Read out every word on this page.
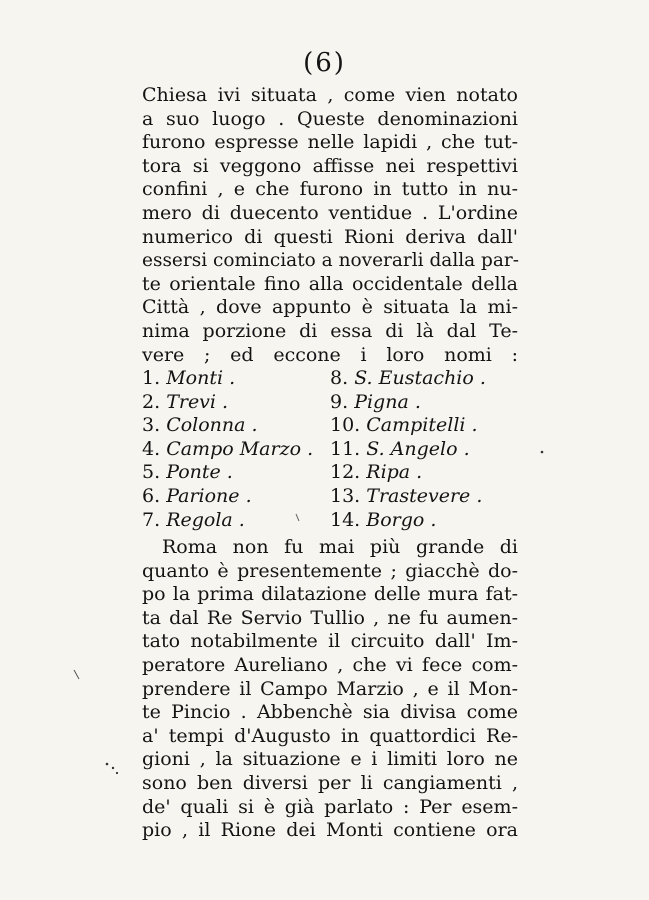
(6)
Chiesa ivi situata , come vien notato
a suo luogo . Queste denominazioni
furono espresse nelle lapidi , che tut-
tora si veggono affisse nei respettivi
confini , e che furono in tutto in nu-
mero di duecento ventidue . L'ordine
numerico di questi Rioni deriva dall'
essersi cominciato a noverarli dalla par-
te orientale fino alla occidentale della
Città , dove appunto è situata la mi-
nima porzione di essa di là dal Te-
vere ; ed eccone i loro nomi :
1. Monti .	8. S. Eustachio .
2. Trevi .	9. Pigna .
3. Colonna .	10. Campitelli .
4. Campo Marzo . 11. S. Angelo .
5. Ponte .	12. Ripa .
6. Parione .	13. Trastevere .
7. Regola .	14. Borgo .
Roma non fu mai più grande di
quanto è presentemente ; giacchè do-
po la prima dilatazione delle mura fat-
ta dal Re Servio Tullio , ne fu aumen-
tato notabilmente il circuito dall' Im-
peratore Aureliano , che vi fece com-
prendere il Campo Marzio , e il Mon-
te Pincio . Abbenchè sia divisa come
a' tempi d'Augusto in quattordici Re-
gioni , la situazione e i limiti loro ne
sono ben diversi per li cangiamenti ,
de' quali si è già parlato : Per esem-
pio , il Rione dei Monti contiene ora
